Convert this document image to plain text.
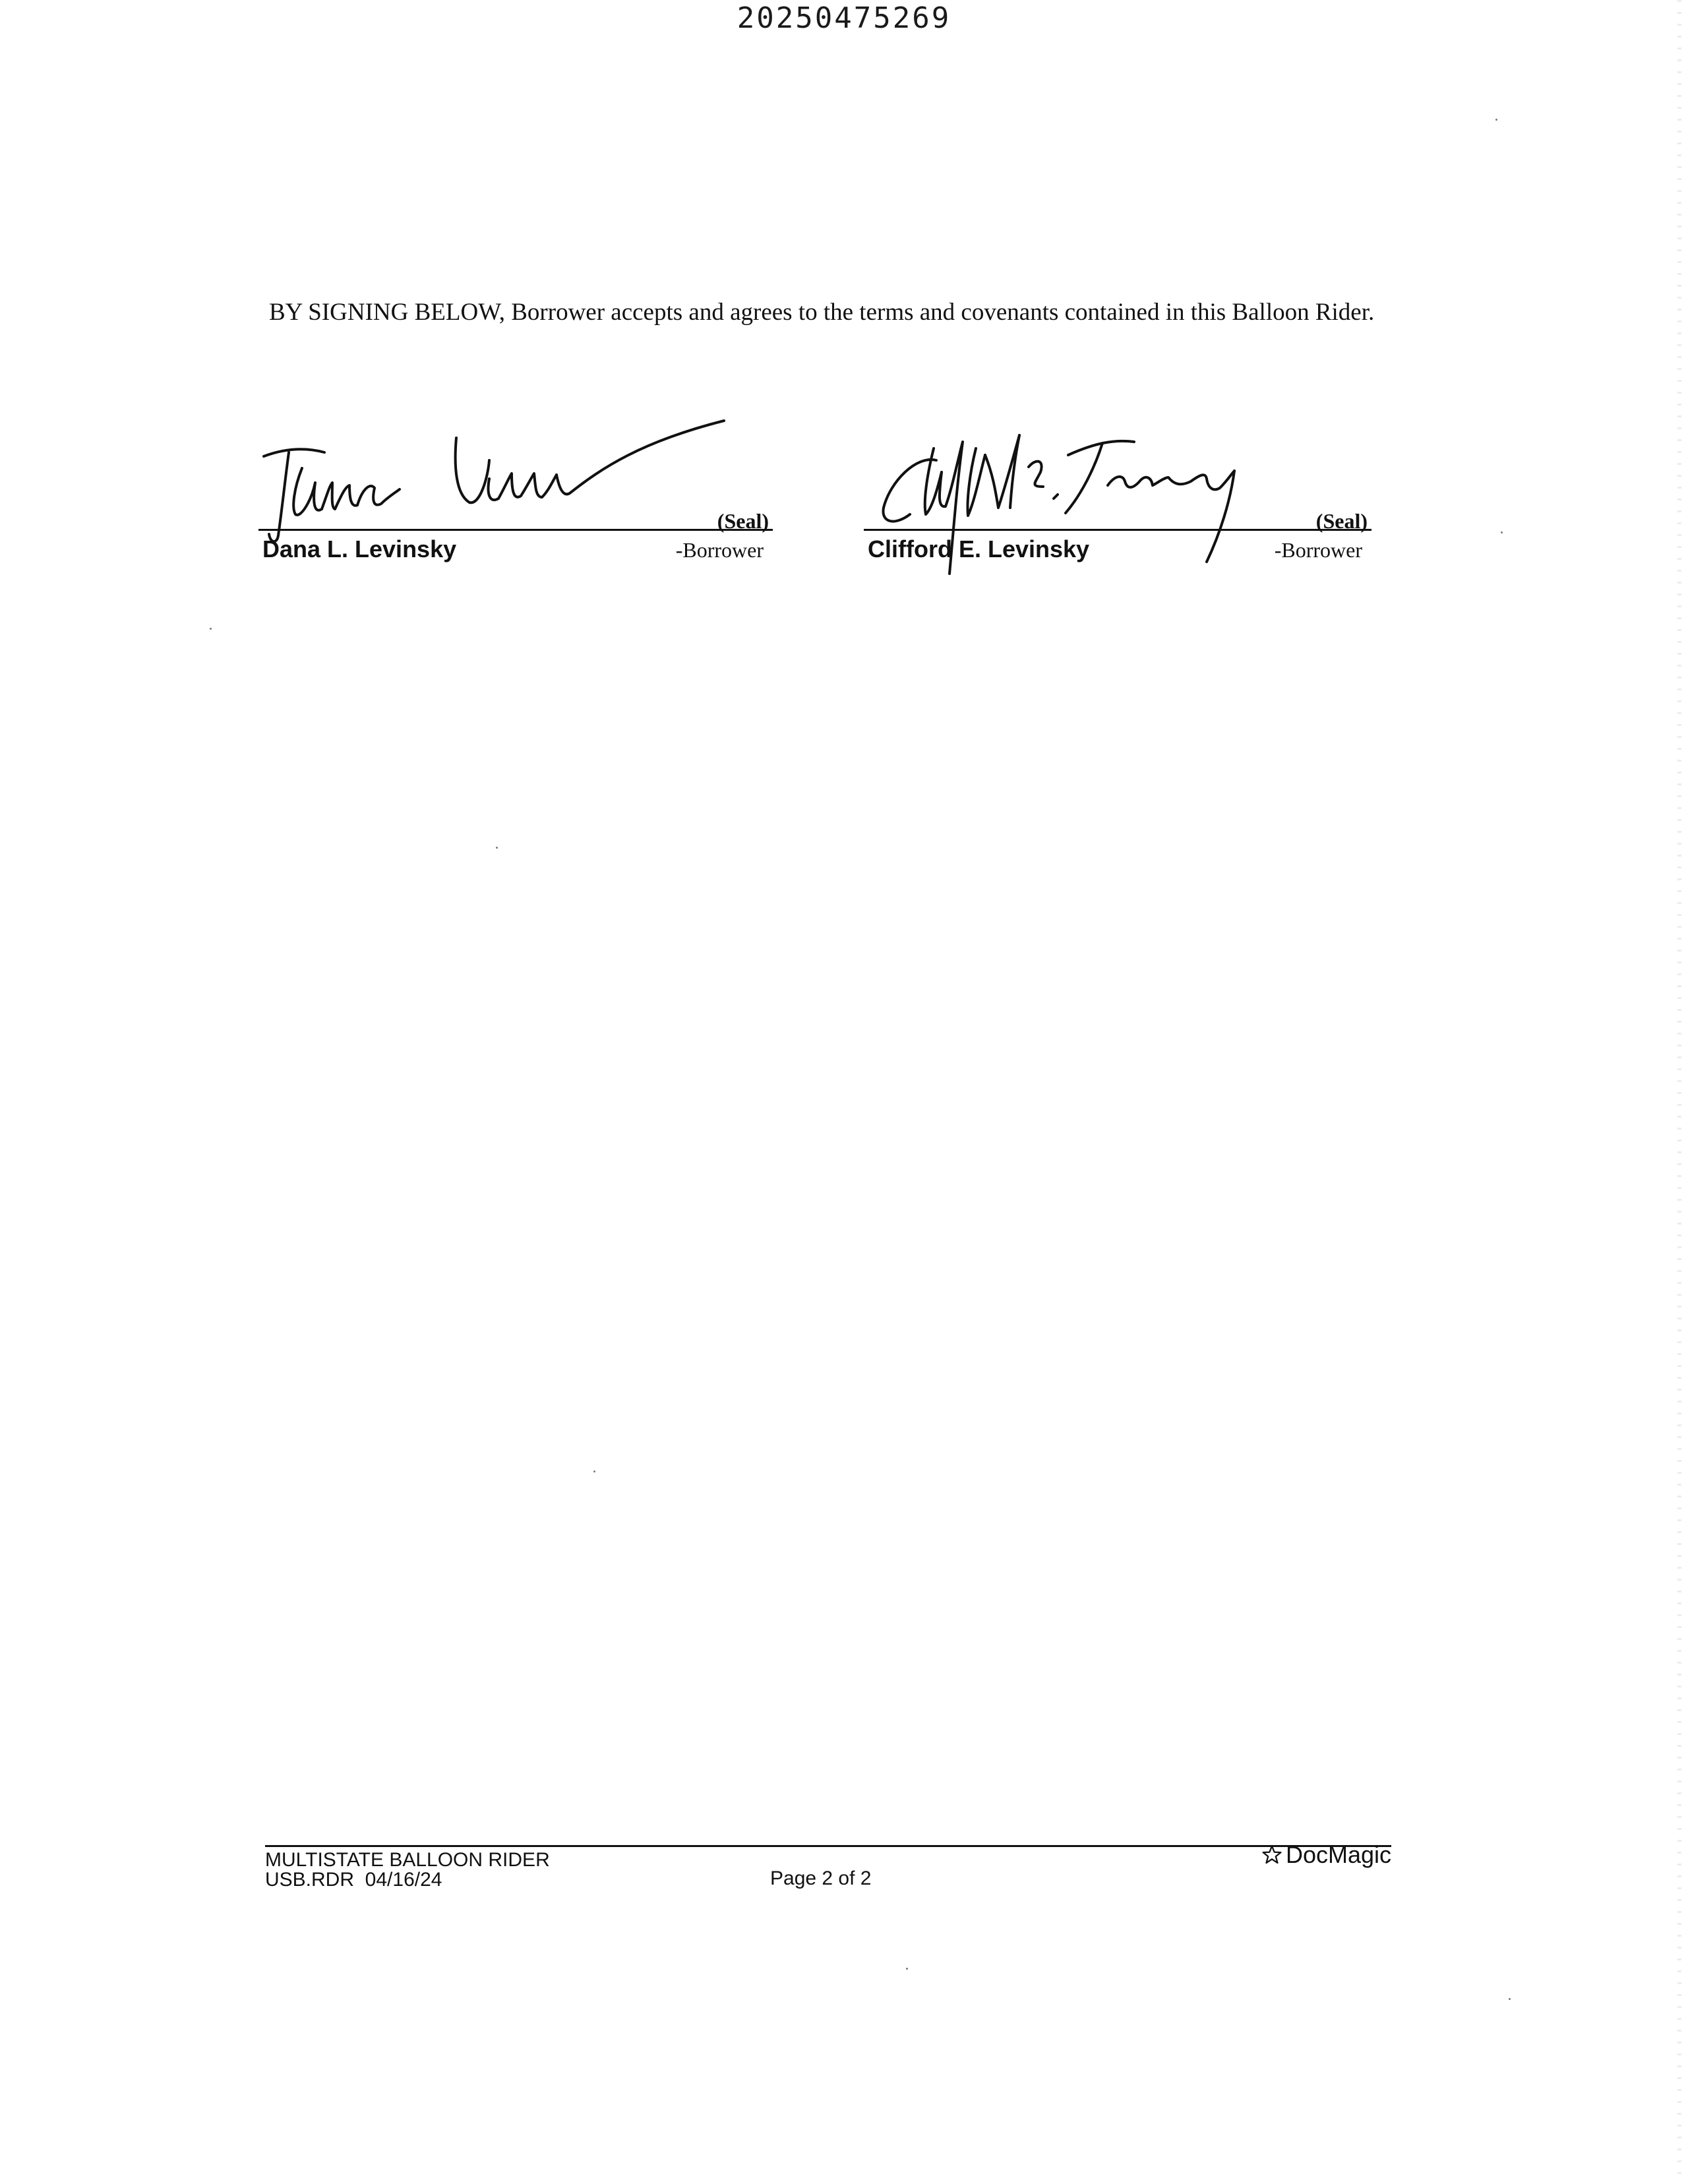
20250475269
BY SIGNING BELOW, Borrower accepts and agrees to the terms and covenants contained in this Balloon Rider.
(Seal)
Dana L. Levinsky	-Borrower
(Seal)
Clifford E. Levinsky	-Borrower
MULTISTATE BALLOON RIDER
USB.RDR  04/16/24	Page 2 of 2
DocMagic
